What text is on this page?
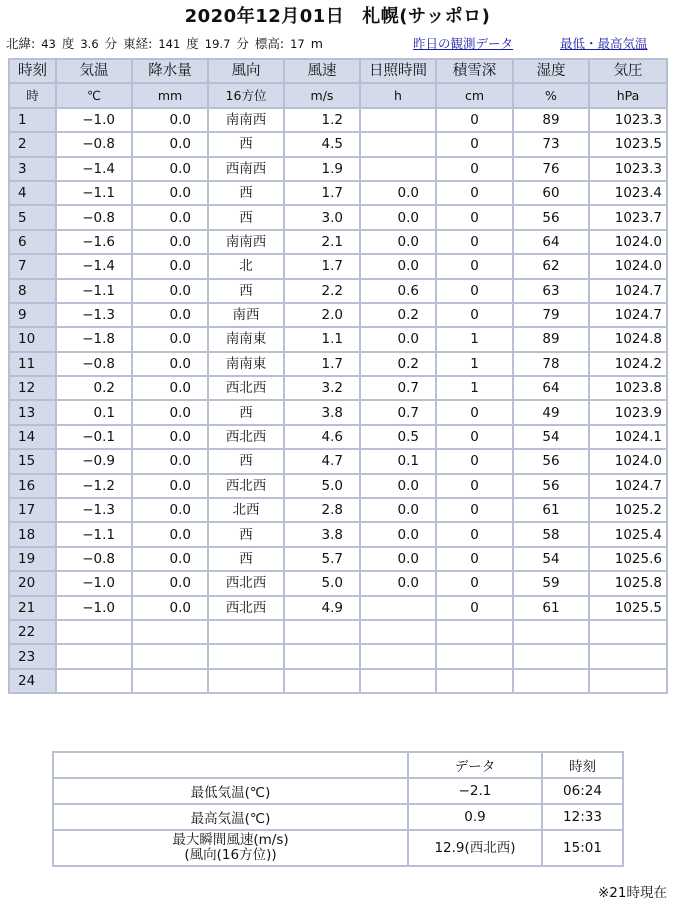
2020年12月01日 札幌(サッポロ)
北緯: 43 度 3.6 分 東経: 141 度 19.7 分 標高: 17 m	昨日の観測データ	最低・最高気温
時刻	気温	降水量	風向	風速	日照時間	積雪深	湿度	気圧
時	℃	mm	16方位	m/s	h	cm	%	hPa
1	−1.0	0.0	南南西	1.2		0	89	1023.3
2	−0.8	0.0	西	4.5		0	73	1023.5
3	−1.4	0.0	西南西	1.9		0	76	1023.3
4	−1.1	0.0	西	1.7	0.0	0	60	1023.4
5	−0.8	0.0	西	3.0	0.0	0	56	1023.7
6	−1.6	0.0	南南西	2.1	0.0	0	64	1024.0
7	−1.4	0.0	北	1.7	0.0	0	62	1024.0
8	−1.1	0.0	西	2.2	0.6	0	63	1024.7
9	−1.3	0.0	南西	2.0	0.2	0	79	1024.7
10	−1.8	0.0	南南東	1.1	0.0	1	89	1024.8
11	−0.8	0.0	南南東	1.7	0.2	1	78	1024.2
12	0.2	0.0	西北西	3.2	0.7	1	64	1023.8
13	0.1	0.0	西	3.8	0.7	0	49	1023.9
14	−0.1	0.0	西北西	4.6	0.5	0	54	1024.1
15	−0.9	0.0	西	4.7	0.1	0	56	1024.0
16	−1.2	0.0	西北西	5.0	0.0	0	56	1024.7
17	−1.3	0.0	北西	2.8	0.0	0	61	1025.2
18	−1.1	0.0	西	3.8	0.0	0	58	1025.4
19	−0.8	0.0	西	5.7	0.0	0	54	1025.6
20	−1.0	0.0	西北西	5.0	0.0	0	59	1025.8
21	−1.0	0.0	西北西	4.9		0	61	1025.5
22								
23								
24								
	データ	時刻
最低気温(℃)	−2.1	06:24
最高気温(℃)	0.9	12:33
最大瞬間風速(m/s)
(風向(16方位))	12.9(西北西)	15:01
※21時現在
